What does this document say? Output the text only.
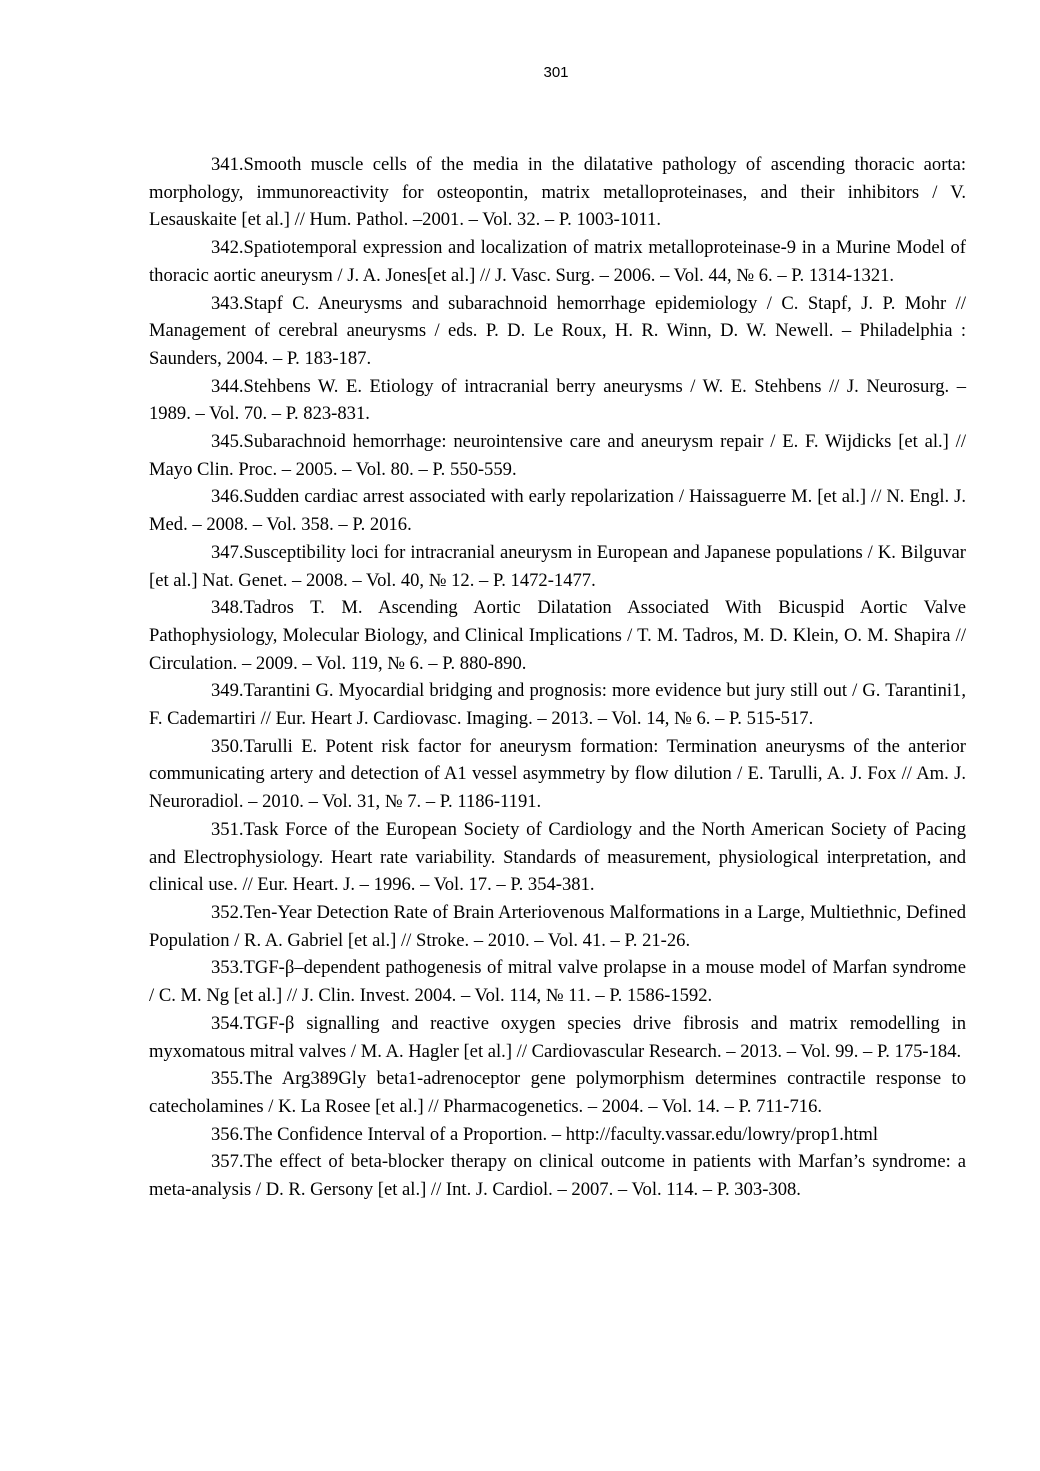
301

341.Smooth muscle cells of the media in the dilatative pathology of ascending thoracic aorta: morphology, immunoreactivity for osteopontin, matrix metalloproteinases, and their inhibitors / V. Lesauskaite [et al.] // Hum. Pathol. –2001. – Vol. 32. – P. 1003-1011.

342.Spatiotemporal expression and localization of matrix metalloproteinase-9 in a Murine Model of thoracic aortic aneurysm / J. A. Jones[et al.] // J. Vasc. Surg. – 2006. – Vol. 44, № 6. – P. 1314-1321.

343.Stapf C. Aneurysms and subarachnoid hemorrhage epidemiology / C. Stapf, J. P. Mohr // Management of cerebral aneurysms / eds. P. D. Le Roux, H. R. Winn, D. W. Newell. – Philadelphia : Saunders, 2004. – P. 183-187.

344.Stehbens W. E. Etiology of intracranial berry aneurysms / W. E. Stehbens // J. Neurosurg. – 1989. – Vol. 70. – P. 823-831.

345.Subarachnoid hemorrhage: neurointensive care and aneurysm repair / E. F. Wijdicks [et al.] // Mayo Clin. Proc. – 2005. – Vol. 80. – P. 550-559.

346.Sudden cardiac arrest associated with early repolarization / Haissaguerre M. [et al.] // N. Engl. J. Med. – 2008. – Vol. 358. – P. 2016.

347.Susceptibility loci for intracranial aneurysm in European and Japanese populations / K. Bilguvar [et al.] Nat. Genet. – 2008. – Vol. 40, № 12. – P. 1472-1477.

348.Tadros T. M. Ascending Aortic Dilatation Associated With Bicuspid Aortic Valve Pathophysiology, Molecular Biology, and Clinical Implications / T. M. Tadros, M. D. Klein, O. M. Shapira // Circulation. – 2009. – Vol. 119, № 6. – P. 880-890.

349.Tarantini G. Myocardial bridging and prognosis: more evidence but jury still out / G. Tarantini1, F. Cademartiri // Eur. Heart J. Cardiovasc. Imaging. – 2013. – Vol. 14, № 6. – P. 515-517.

350.Tarulli E. Potent risk factor for aneurysm formation: Termination aneurysms of the anterior communicating artery and detection of A1 vessel asymmetry by flow dilution / E. Tarulli, A. J. Fox // Am. J. Neuroradiol. – 2010. – Vol. 31, № 7. – P. 1186-1191.

351.Task Force of the European Society of Cardiology and the North American Society of Pacing and Electrophysiology. Heart rate variability. Standards of measurement, physiological interpretation, and clinical use. // Eur. Heart. J. – 1996. – Vol. 17. – P. 354-381.

352.Ten-Year Detection Rate of Brain Arteriovenous Malformations in a Large, Multiethnic, Defined Population / R. A. Gabriel [et al.] // Stroke. – 2010. – Vol. 41. – P. 21-26.

353.TGF-β–dependent pathogenesis of mitral valve prolapse in a mouse model of Marfan syndrome / C. M. Ng [et al.] // J. Clin. Invest. 2004. – Vol. 114, № 11. – P. 1586-1592.

354.TGF-β signalling and reactive oxygen species drive fibrosis and matrix remodelling in myxomatous mitral valves / M. A. Hagler [et al.] // Cardiovascular Research. – 2013. – Vol. 99. – P. 175-184.

355.The Arg389Gly beta1-adrenoceptor gene polymorphism determines contractile response to catecholamines / K. La Rosee [et al.] // Pharmacogenetics. – 2004. – Vol. 14. – P. 711-716.

356.The Confidence Interval of a Proportion. – http://faculty.vassar.edu/lowry/prop1.html

357.The effect of beta-blocker therapy on clinical outcome in patients with Marfan’s syndrome: a meta-analysis / D. R. Gersony [et al.] // Int. J. Cardiol. – 2007. – Vol. 114. – P. 303-308.
